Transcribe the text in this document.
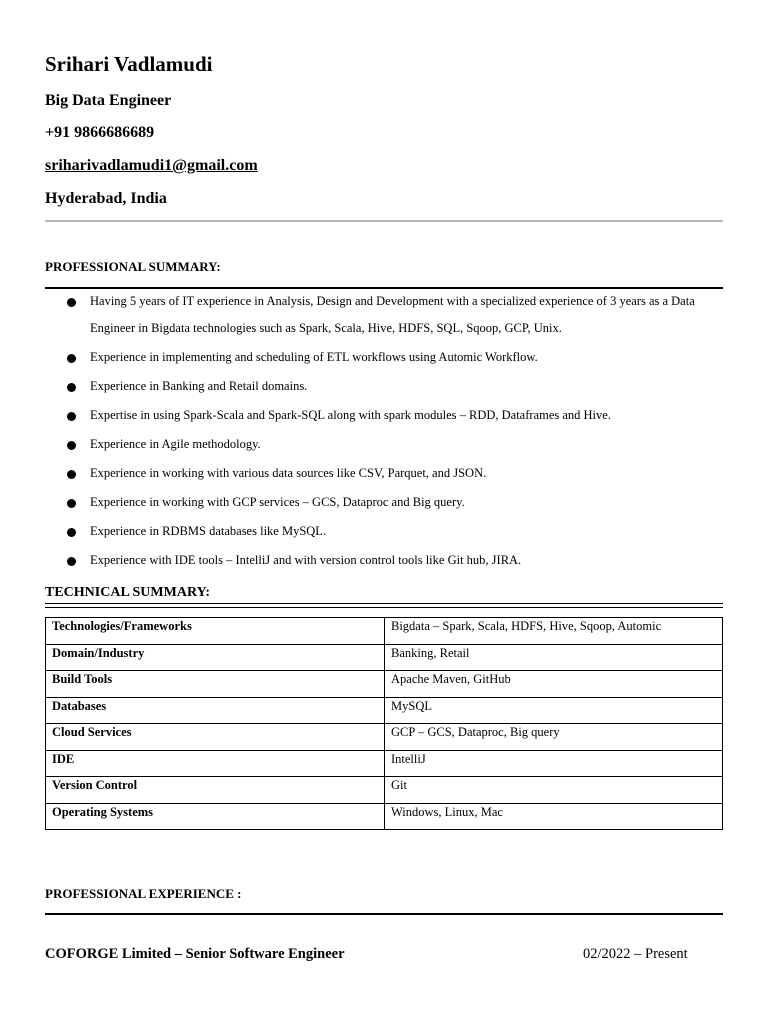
Srihari Vadlamudi
Big Data Engineer
+91 9866686689
sriharivadlamudi1@gmail.com
Hyderabad, India
PROFESSIONAL SUMMARY:
Having 5 years of IT experience in Analysis, Design and Development with a specialized experience of 3 years as a Data Engineer in Bigdata technologies such as Spark, Scala, Hive, HDFS, SQL, Sqoop, GCP, Unix.
Experience in implementing and scheduling of ETL workflows using Automic Workflow.
Experience in Banking and Retail domains.
Expertise in using Spark-Scala and Spark-SQL along with spark modules – RDD, Dataframes and Hive.
Experience in Agile methodology.
Experience in working with various data sources like CSV, Parquet, and JSON.
Experience in working with GCP services – GCS, Dataproc and Big query.
Experience in RDBMS databases like MySQL.
Experience with IDE tools – IntelliJ and with version control tools like Git hub, JIRA.
TECHNICAL SUMMARY:
Technologies/Frameworks	Bigdata – Spark, Scala, HDFS, Hive, Sqoop, Automic
Domain/Industry	Banking, Retail
Build Tools	Apache Maven, GitHub
Databases	MySQL
Cloud Services	GCP – GCS, Dataproc, Big query
IDE	IntelliJ
Version Control	Git
Operating Systems	Windows, Linux, Mac
PROFESSIONAL EXPERIENCE :
COFORGE Limited – Senior Software Engineer	02/2022 – Present
